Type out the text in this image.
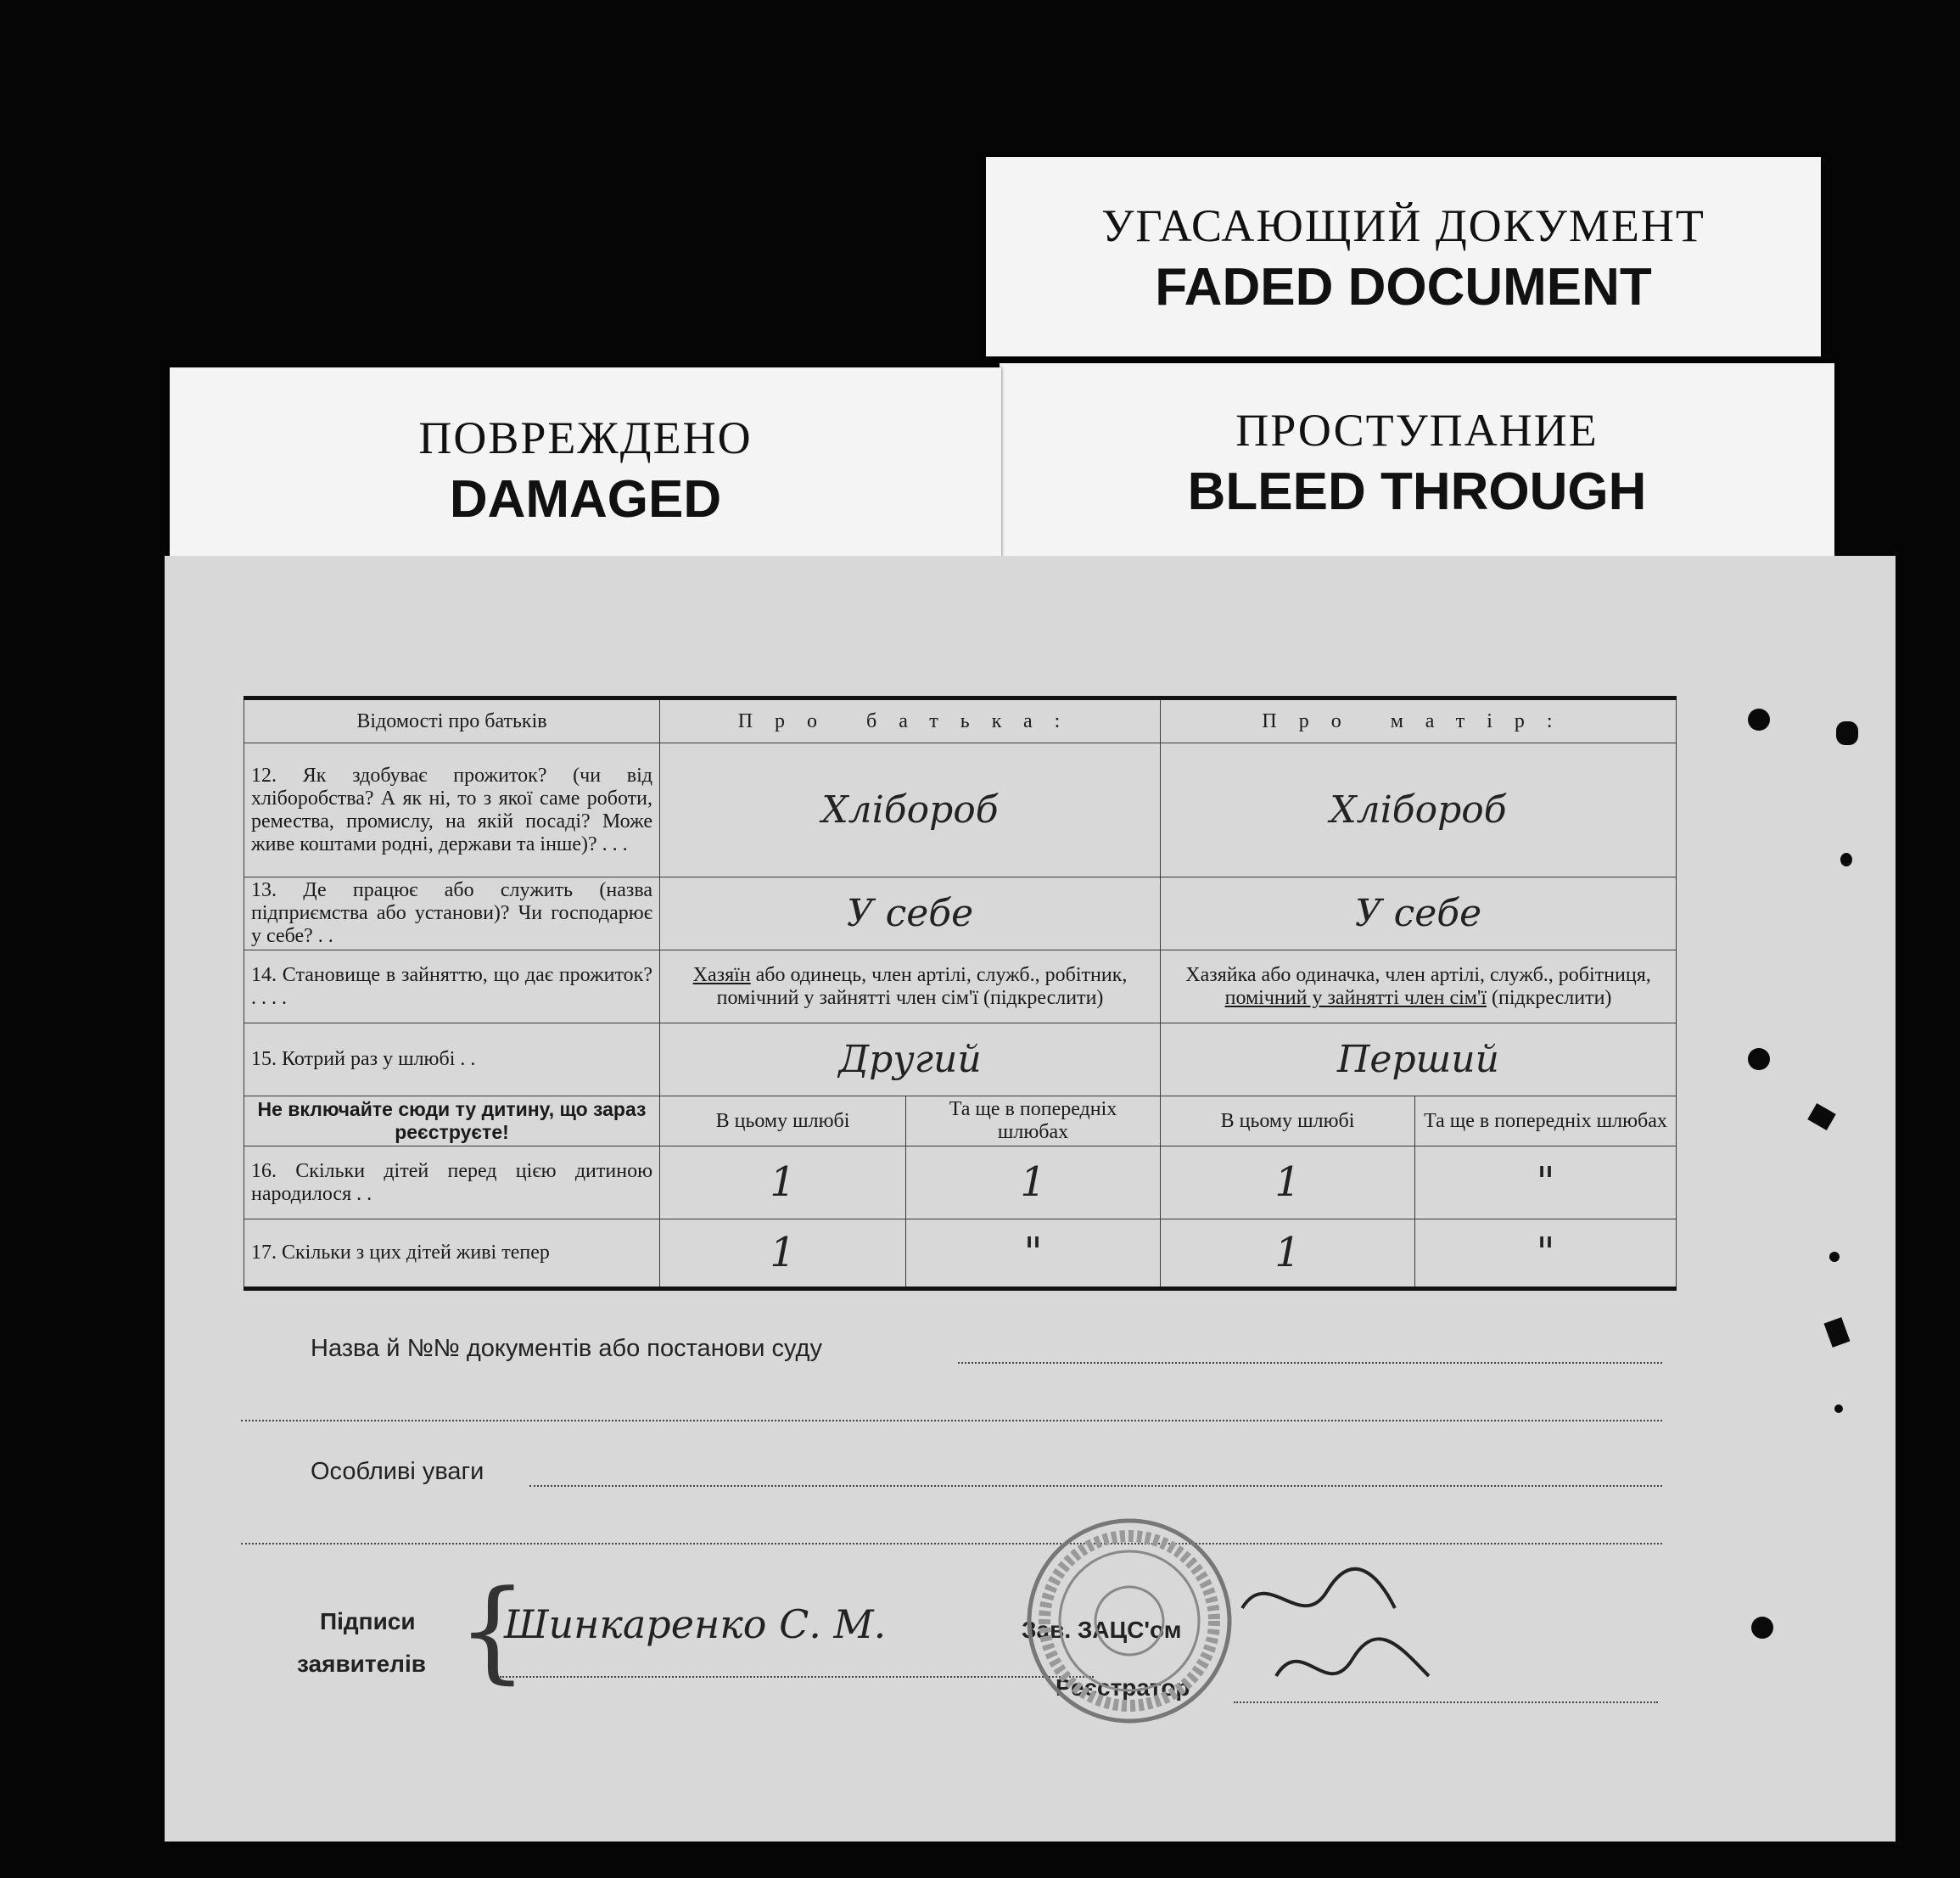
УГАСАЮЩИЙ ДОКУМЕНТ
FADED DOCUMENT
ПРОСТУПАНИЕ
BLEED THROUGH
ПОВРЕЖДЕНО
DAMAGED
Відомості про батьків	Про батька:		Про матір:	
12. Як здобуває прожиток? (чи від хліборобства? А як ні, то з якої саме роботи, ремества, промислу, на якій посаді? Може живе коштами родні, держави та інше)? . . .	Хлібороб		Хлібороб	
13. Де працює або служить (назва підприємства або установи)? Чи господарює у себе? . .	У себе		У себе	
14. Становище в зайняттю, що дає прожиток? . . . .	Хазяїн або одинець, член артілі, служб., робітник, помічний у зайнятті член сім'ї (підкреслити)		Хазяйка або одиначка, член артілі, служб., робітниця, помічний у зайнятті член сім'ї (підкреслити)	
15. Котрий раз у шлюбі . .	Другий		Перший	
Не включайте сюди ту дитину, що зараз реєструєте!	В цьому шлюбі	Та ще в попередніх шлюбах	В цьому шлюбі	Та ще в попередніх шлюбах
16. Скільки дітей перед цією дитиною народилося . .	1	1	1	"
17. Скільки з цих дітей живі тепер	1	"	1	"
Назва й №№ документів або постанови суду
Особливі уваги
Підписи
заявителів {
Шинкаренко С. М.	Зав. ЗАЦС'ом
Реєстратор
